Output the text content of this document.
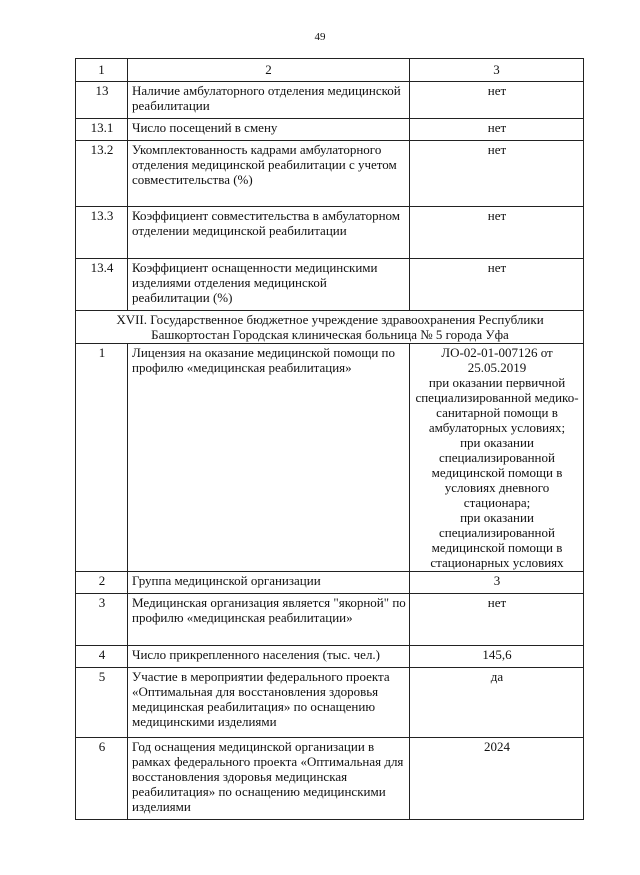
49
1	2	3
13	Наличие амбулаторного отделения медицинской реабилитации	нет
13.1	Число посещений в смену	нет
13.2	Укомплектованность кадрами амбулаторного отделения медицинской реабилитации с учетом совместительства (%)	нет
13.3	Коэффициент совместительства в амбулаторном отделении медицинской реабилитации	нет
13.4	Коэффициент оснащенности медицинскими изделиями отделения медицинской реабилитации (%)	нет
XVII. Государственное бюджетное учреждение здравоохранения Республики Башкортостан Городская клиническая больница № 5 города Уфа		
1	Лицензия на оказание медицинской помощи по профилю «медицинская реабилитация»	ЛО-02-01-007126 от 25.05.2019
при оказании первичной специализированной медико-санитарной помощи в амбулаторных условиях;
при оказании специализированной медицинской помощи в условиях дневного стационара;
при оказании специализированной медицинской помощи в стационарных условиях
2	Группа медицинской организации	3
3	Медицинская организация является "якорной" по профилю «медицинская реабилитации»	нет
4	Число прикрепленного населения (тыс. чел.)	145,6
5	Участие в мероприятии федерального проекта «Оптимальная для восстановления здоровья медицинская реабилитация» по оснащению медицинскими изделиями	да
6	Год оснащения медицинской организации в рамках федерального проекта «Оптимальная для восстановления здоровья медицинская реабилитация» по оснащению медицинскими изделиями	2024
